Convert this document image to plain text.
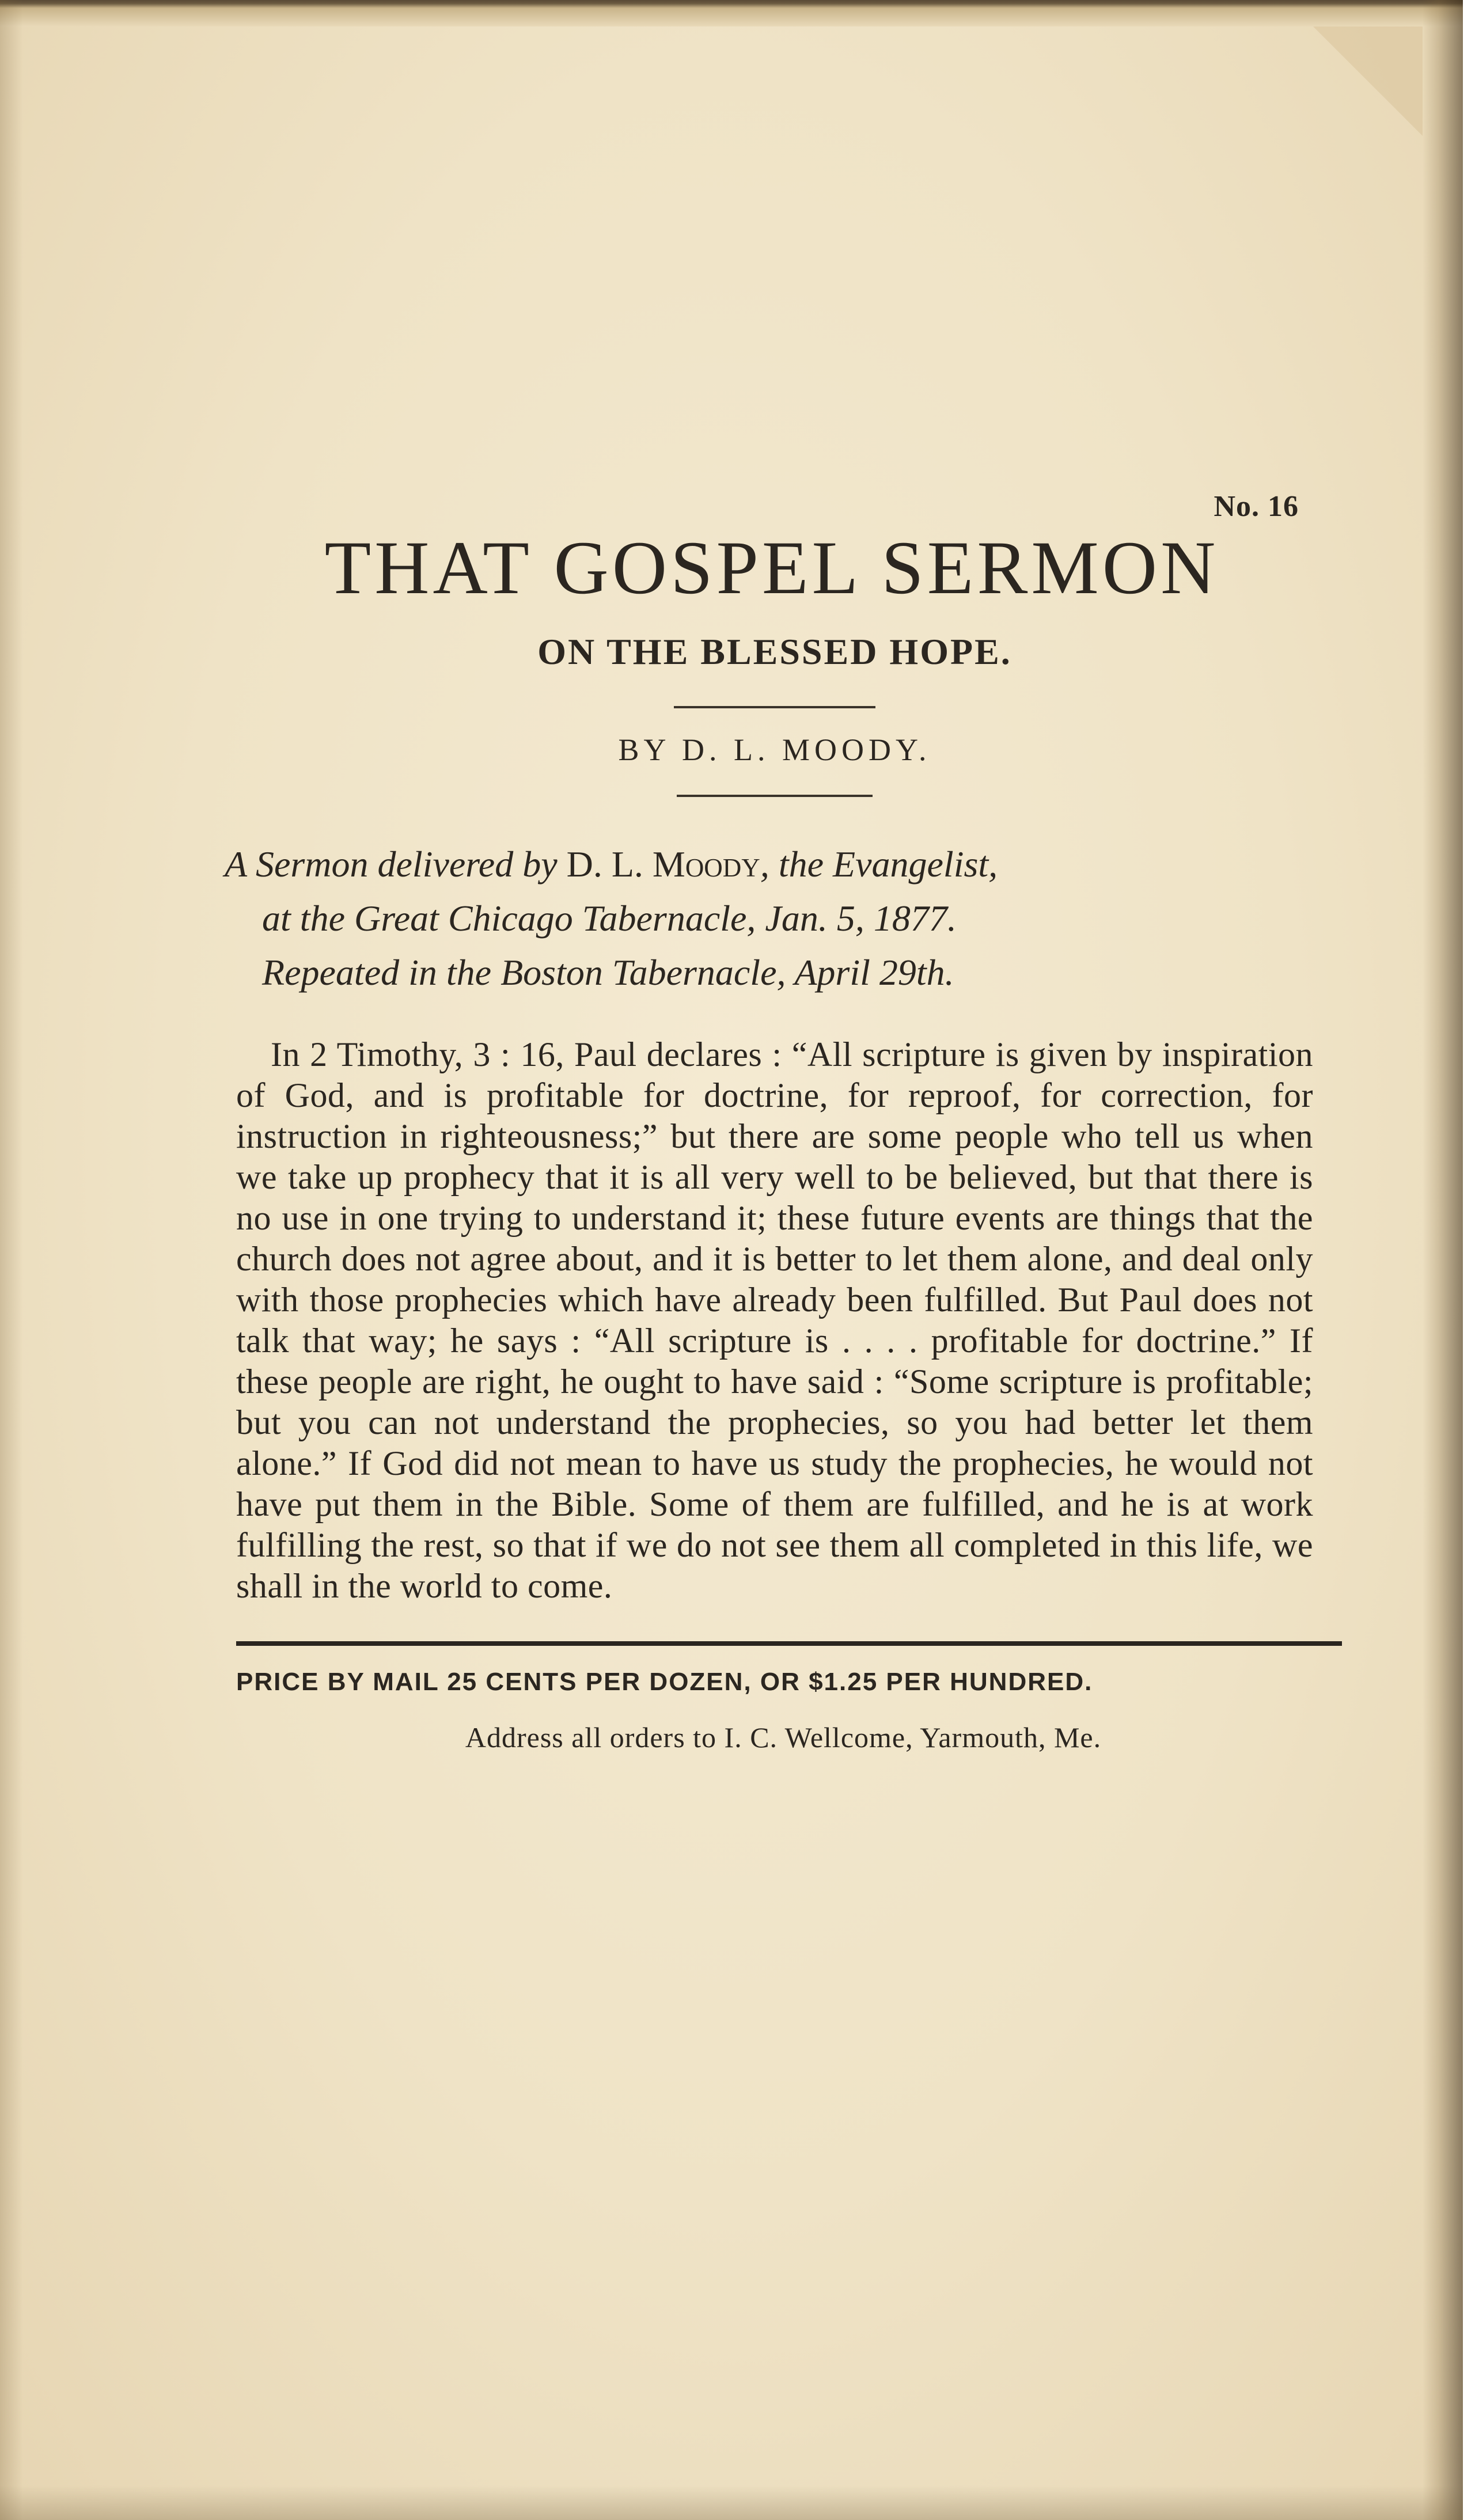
No. 16
THAT GOSPEL SERMON
ON THE BLESSED HOPE.
BY D. L. MOODY.
A Sermon delivered by D. L. Moody, the Evangelist,
at the Great Chicago Tabernacle, Jan. 5, 1877.
Repeated in the Boston Tabernacle, April 29th.
In 2 Timothy, 3 : 16, Paul declares : “All scripture is given by inspiration of God, and is profitable for doctrine, for reproof, for correction, for instruction in righteousness;” but there are some people who tell us when we take up prophecy that it is all very well to be believed, but that there is no use in one trying to understand it; these future events are things that the church does not agree about, and it is better to let them alone, and deal only with those prophecies which have already been fulfilled. But Paul does not talk that way; he says : “All scripture is . . . . profitable for doctrine.” If these people are right, he ought to have said : “Some scripture is profitable; but you can not understand the prophecies, so you had better let them alone.” If God did not mean to have us study the prophecies, he would not have put them in the Bible. Some of them are fulfilled, and he is at work fulfilling the rest, so that if we do not see them all completed in this life, we shall in the world to come.
PRICE BY MAIL 25 CENTS PER DOZEN, OR $1.25 PER HUNDRED.
Address all orders to I. C. Wellcome, Yarmouth, Me.
